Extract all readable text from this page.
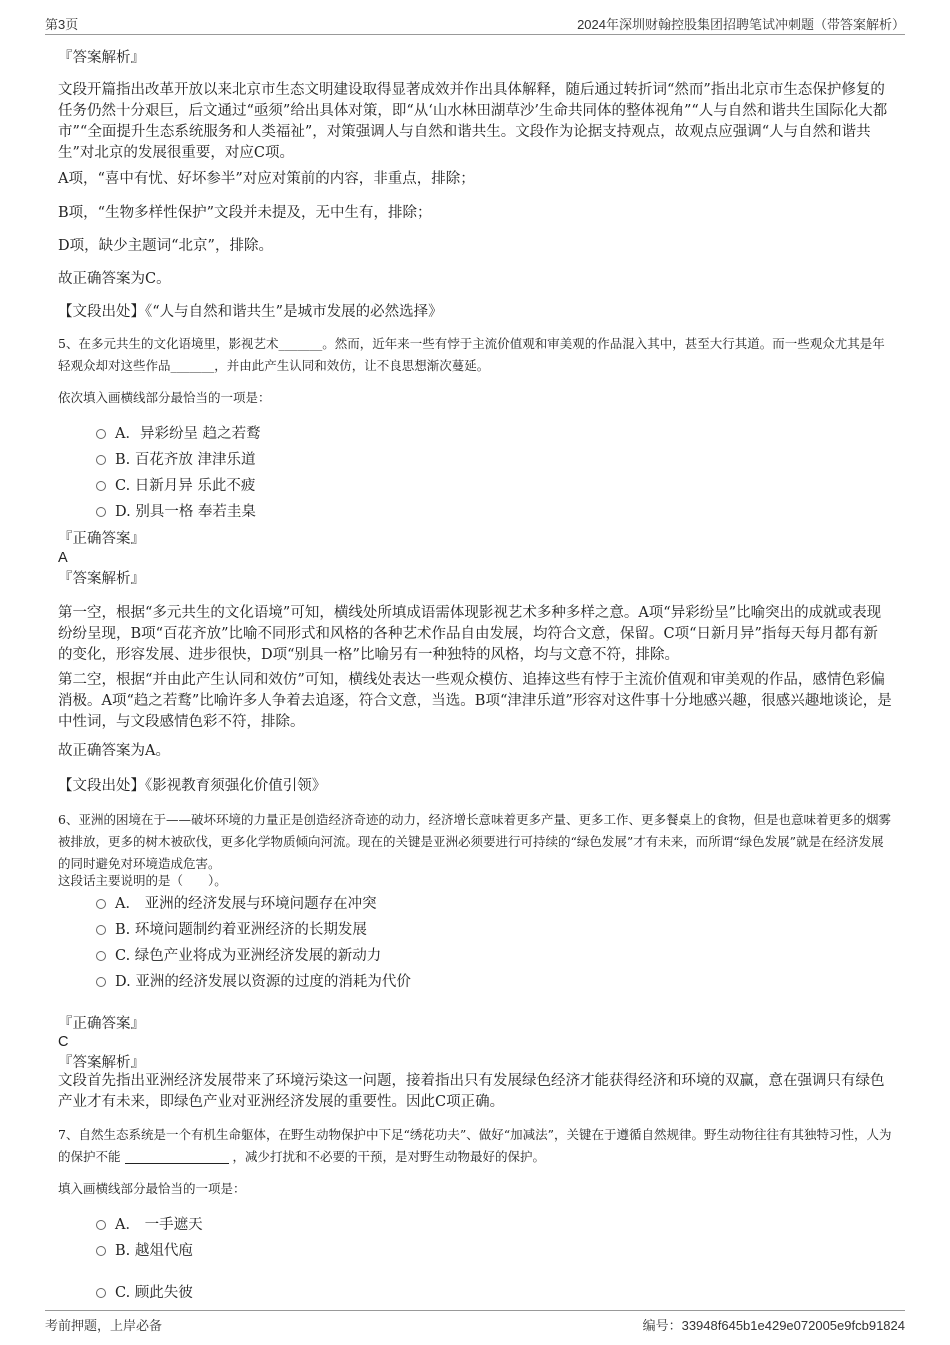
第3页	2024年深圳财翰控股集团招聘笔试冲刺题（带答案解析）
『答案解析』
文段开篇指出改革开放以来北京市生态文明建设取得显著成效并作出具体解释，随后通过转折词“然而”指出北京市生态保护修复的任务仍然十分艰巨，后文通过“亟须”给出具体对策，即“从‘山水林田湖草沙’生命共同体的整体视角”“人与自然和谐共生国际化大都市”“全面提升生态系统服务和人类福祉”，对策强调人与自然和谐共生。文段作为论据支持观点，故观点应强调“人与自然和谐共生”对北京的发展很重要，对应C项。
A项，“喜中有忧、好坏参半”对应对策前的内容，非重点，排除；
B项，“生物多样性保护”文段并未提及，无中生有，排除；
D项，缺少主题词“北京”，排除。
故正确答案为C。
【文段出处】《“人与自然和谐共生”是城市发展的必然选择》
5、在多元共生的文化语境里，影视艺术_______。然而，近年来一些有悖于主流价值观和审美观的作品混入其中，甚至大行其道。而一些观众尤其是年轻观众却对这些作品_______，并由此产生认同和效仿，让不良思想渐次蔓延。
依次填入画横线部分最恰当的一项是：
A．异彩纷呈 趋之若鹜
B. 百花齐放 津津乐道
C. 日新月异 乐此不疲
D. 别具一格 奉若圭臬
『正确答案』
A
『答案解析』
第一空，根据“多元共生的文化语境”可知，横线处所填成语需体现影视艺术多种多样之意。A项“异彩纷呈”比喻突出的成就或表现纷纷呈现，B项“百花齐放”比喻不同形式和风格的各种艺术作品自由发展，均符合文意，保留。C项“日新月异”指每天每月都有新的变化，形容发展、进步很快，D项“别具一格”比喻另有一种独特的风格，均与文意不符，排除。
第二空，根据“并由此产生认同和效仿”可知，横线处表达一些观众模仿、追捧这些有悖于主流价值观和审美观的作品，感情色彩偏消极。A项“趋之若鹜”比喻许多人争着去追逐，符合文意，当选。B项“津津乐道”形容对这件事十分地感兴趣，很感兴趣地谈论，是中性词，与文段感情色彩不符，排除。
故正确答案为A。
【文段出处】《影视教育须强化价值引领》
6、亚洲的困境在于——破坏环境的力量正是创造经济奇迹的动力，经济增长意味着更多产量、更多工作、更多餐桌上的食物，但是也意味着更多的烟雾被排放，更多的树木被砍伐，更多化学物质倾向河流。现在的关键是亚洲必须要进行可持续的“绿色发展”才有未来，而所谓“绿色发展”就是在经济发展的同时避免对环境造成危害。
这段话主要说明的是（　　）。
A． 亚洲的经济发展与环境问题存在冲突
B. 环境问题制约着亚洲经济的长期发展
C. 绿色产业将成为亚洲经济发展的新动力
D. 亚洲的经济发展以资源的过度的消耗为代价
『正确答案』
C
『答案解析』
文段首先指出亚洲经济发展带来了环境污染这一问题，接着指出只有发展绿色经济才能获得经济和环境的双赢，意在强调只有绿色产业才有未来，即绿色产业对亚洲经济发展的重要性。因此C项正确。
7、自然生态系统是一个有机生命躯体，在野生动物保护中下足“绣花功夫”、做好“加减法”，关键在于遵循自然规律。野生动物往往有其独特习性，人为的保护不能	，减少打扰和不必要的干预，是对野生动物最好的保护。
填入画横线部分最恰当的一项是：
A． 一手遮天
B. 越俎代庖
C. 顾此失彼
考前押题，上岸必备	编号：33948f645b1e429e072005e9fcb91824
